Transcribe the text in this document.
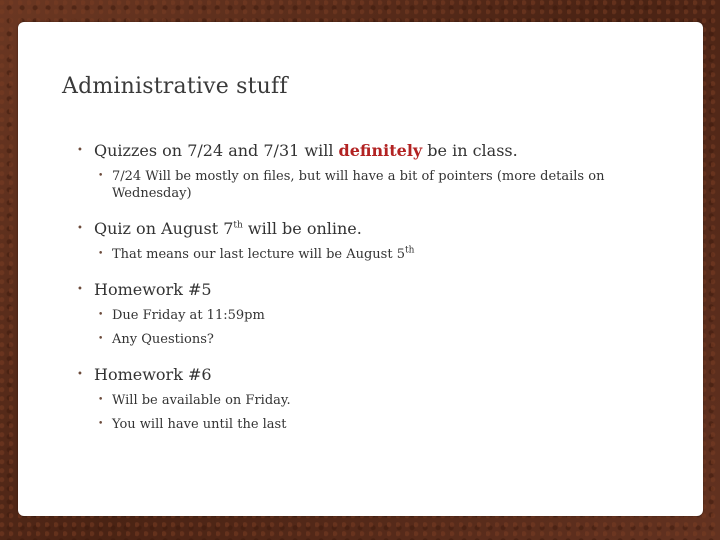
Administrative stuff
• Quizzes on 7/24 and 7/31 will definitely be in class.
• 7/24 Will be mostly on files, but will have a bit of pointers (more details on Wednesday)
• Quiz on August 7th will be online.
• That means our last lecture will be August 5th
• Homework #5
• Due Friday at 11:59pm
• Any Questions?
• Homework #6
• Will be available on Friday.
• You will have until the last
